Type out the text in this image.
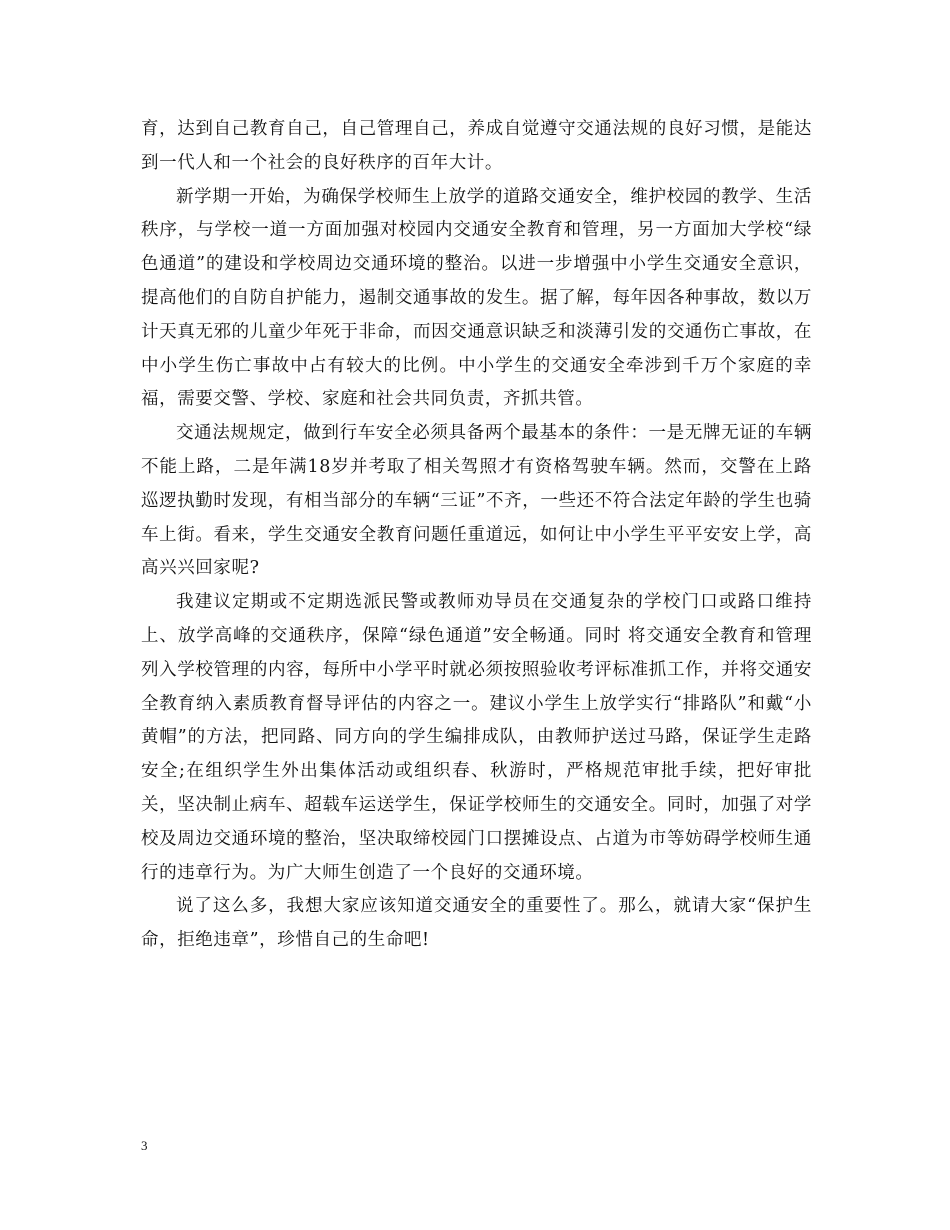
育，达到自己教育自己，自己管理自己，养成自觉遵守交通法规的良好习惯，是能达到一代人和一个社会的良好秩序的百年大计。

新学期一开始，为确保学校师生上放学的道路交通安全，维护校园的教学、生活秩序，与学校一道一方面加强对校园内交通安全教育和管理，另一方面加大学校“绿色通道”的建设和学校周边交通环境的整治。以进一步增强中小学生交通安全意识，提高他们的自防自护能力，遏制交通事故的发生。据了解，每年因各种事故，数以万计天真无邪的儿童少年死于非命，而因交通意识缺乏和淡薄引发的交通伤亡事故，在中小学生伤亡事故中占有较大的比例。中小学生的交通安全牵涉到千万个家庭的幸福，需要交警、学校、家庭和社会共同负责，齐抓共管。

交通法规规定，做到行车安全必须具备两个最基本的条件：一是无牌无证的车辆不能上路，二是年满18岁并考取了相关驾照才有资格驾驶车辆。然而，交警在上路巡逻执勤时发现，有相当部分的车辆“三证”不齐，一些还不符合法定年龄的学生也骑车上街。看来，学生交通安全教育问题任重道远，如何让中小学生平平安安上学，高高兴兴回家呢?

我建议定期或不定期选派民警或教师劝导员在交通复杂的学校门口或路口维持上、放学高峰的交通秩序，保障“绿色通道”安全畅通。同时 将交通安全教育和管理列入学校管理的内容，每所中小学平时就必须按照验收考评标准抓工作，并将交通安全教育纳入素质教育督导评估的内容之一。建议小学生上放学实行“排路队”和戴“小黄帽”的方法，把同路、同方向的学生编排成队，由教师护送过马路，保证学生走路安全;在组织学生外出集体活动或组织春、秋游时，严格规范审批手续，把好审批关，坚决制止病车、超载车运送学生，保证学校师生的交通安全。同时，加强了对学校及周边交通环境的整治，坚决取缔校园门口摆摊设点、占道为市等妨碍学校师生通行的违章行为。为广大师生创造了一个良好的交通环境。

说了这么多，我想大家应该知道交通安全的重要性了。那么，就请大家“保护生命，拒绝违章”，珍惜自己的生命吧!

3
